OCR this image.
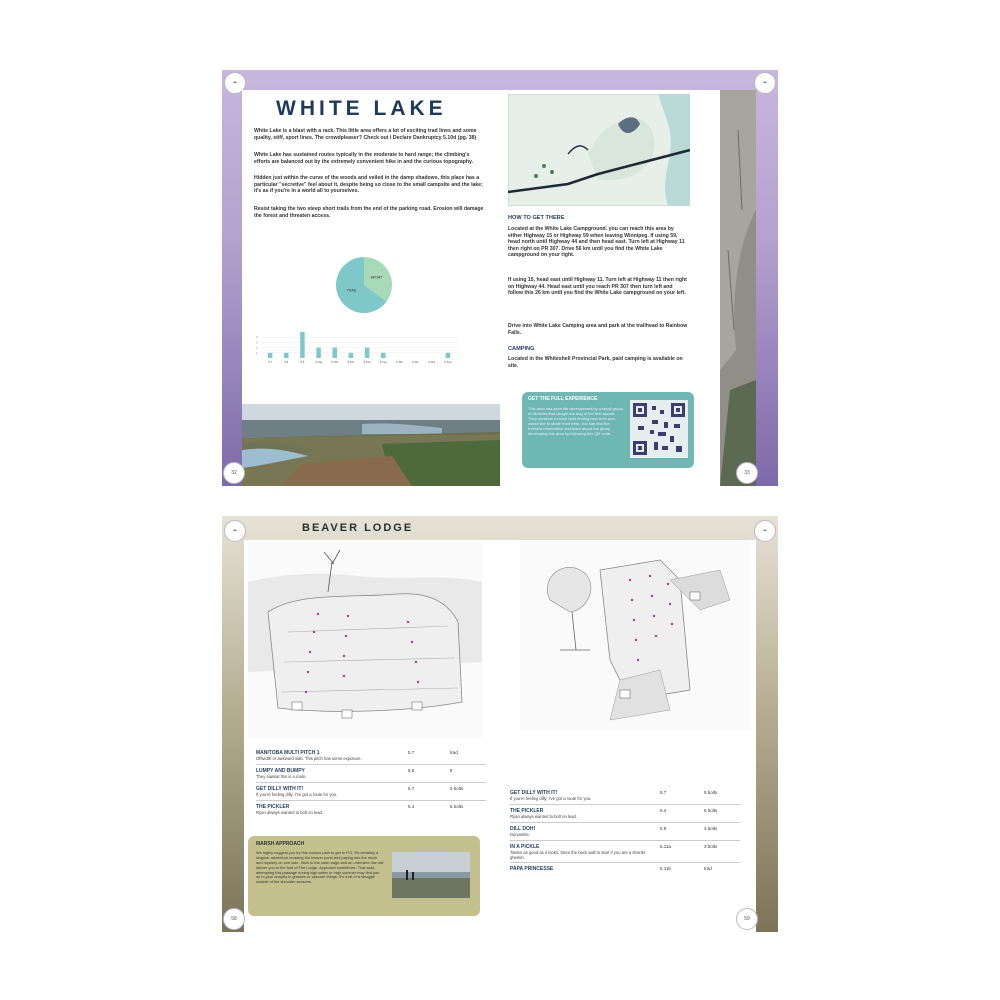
❧
WHITE LAKE
White Lake is a blast with a rack. This little area offers a lot of exciting trad lines and some quality, stiff, sport lines. The crowdpleaser? Check out I Declare Dankruptcy 5.10d (pg. 38)
White Lake has sustained routes typically in the moderate to hard range; the climbing's efforts are balanced out by the extremely convenient hike in and the curious topography.
Hidden just within the curve of the woods and veiled in the damp shadows, this place has a particular "secretive" feel about it, despite being so close to the small campsite and the lake; it's as if you're in a world all to yourselves.
Resist taking the two steep short trails from the end of the parking road. Erosion will damage the forest and threaten access.
SPORT
TRAD
4
3
2
1
5.7	5.8	5.9	5.10a	5.10b	5.10c	5.10d	5.11a	5.11b	5.11c	5.11d	5.12a
32
❧
HOW TO GET THERE
Located at the White Lake Campground. you can reach this area by either Highway 15 or Highway 59 when leaving Winnipeg. If using 59, head north until Highway 44 and then head east. Turn left at Highway 11 then right on PR 307. Drive 56 km until you find the White Lake campground on your right.
If using 15, head east until Highway 11. Turn left at Highway 11 then right on Highway 44. Head east until you reach PR 307 then turn left and follow this 26 km until you find the White Lake campground on your left.
Drive into White Lake Camping area and park at the trailhead to Rainbow Falls.
CAMPING
Located in the Whiteshell Provincial Park, paid camping is available on site.
GET THE FULL EXPERIENCE
This area has seen life development by a small group of climbers that caught the bug of the first ascent. They continue to work hard finding new lines and would like to share their beta. You can find the freshest information and learn about the group developing this area by following this QR code.
33
❧	BEAVER LODGE
MANITOBA MULTI PITCH 1
Offwidth or awkward slab. This pitch has some exposure.
5.7	trad
LUMPY AND BUMPY
They sawsat this is a route.
5.5	tr
GET DILLY WITH IT!
If you're feeling dilly, I've got a route for you.
5.7	5 bolts
THE PICKLER
Ryan always wanted to bolt on lead.
5.4	5 bolts
MARSH APPROACH
We highly suggest you try this curious path to get to P.G. It's certainly a singular adventure crossing the beaver pond and paying into the muck and mystery on one side. Stick to the outer edge and an unbroken line will deliver you to the foot of The Lodge. Approach sometimes. That said, attempting this passage during high water or high summer may find you up to your armpits in grasses or obscure things. It's a bit of a struggle outside of the shoulder seasons.
58
❧
GET DILLY WITH IT!
If you're feeling dilly, I've got a route for you.
5.7	5 bolts
THE PICKLER
Ryan always wanted to bolt on lead.
5.4	5 bolts
DILL DOH!
Dunowrite.
5.9	3 bolts
IN A PICKLE
Tastes as good as it looks. Stem the back wall to start if you are a shorter gherkin.
5.11a	3 bolts
PAPA PRINCESSE	5.11b	trad
59
